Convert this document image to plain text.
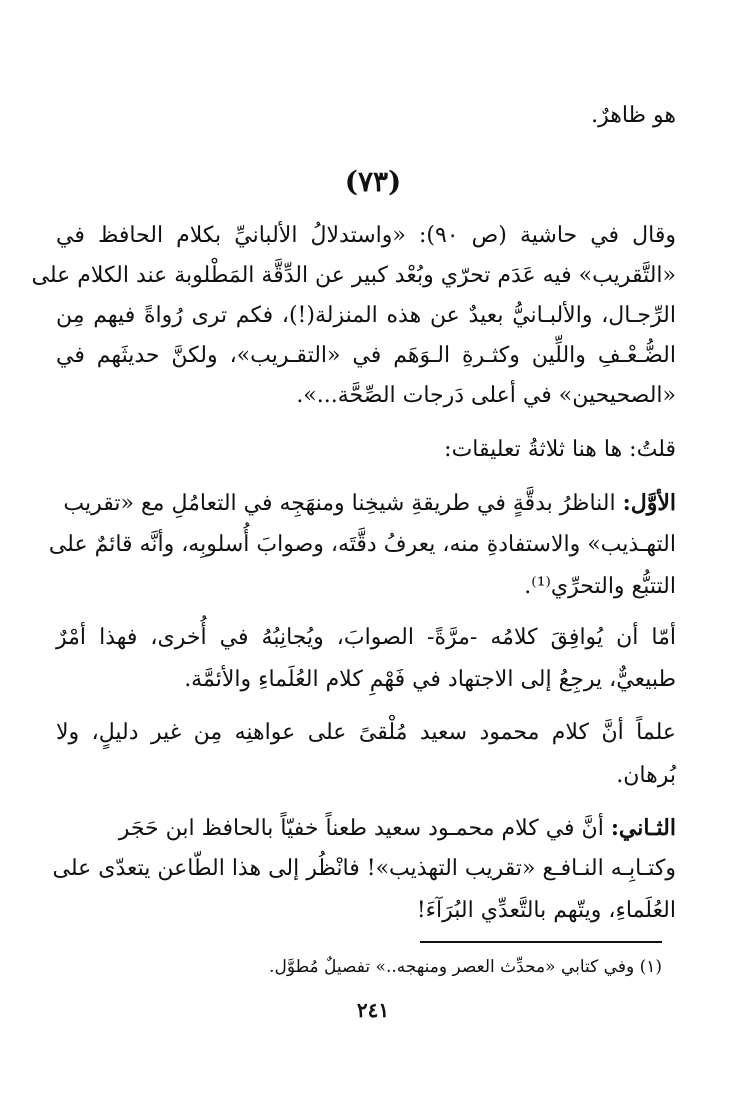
هو ظاهرٌ.
(٧٣)
وقال في حاشية (ص ٩٠): «واستدلالُ الألبانيِّ بكلام الحافظ في
«التَّقريب» فيه عَدَم تحرّي وبُعْد كبير عن الدِّقَّة المَطْلوبة عند الكلام على
الرِّجـال، والألبـانيُّ بعيدٌ عن هذه المنزلة(!)، فكم ترى رُواةً فيهم مِن
الضُّـعْـفِ واللِّين وكثـرةِ الـوَهَم في «التقـريب»، ولكنَّ حديثَهم في
«الصحيحين» في أعلى دَرجات الصِّحَّة...».
قلتُ: ها هنا ثلاثةُ تعليقات:
الأوَّل: الناظرُ بدقَّةٍ في طريقةِ شيخِنا ومنهَجِه في التعامُلِ مع «تقريب
التهـذيب» والاستفادةِ منه، يعرفُ دقَّتَه، وصوابَ أُسلوبِه، وأنَّه قائمٌ على
التتبُّع والتحرِّي⁽¹⁾.
أمّا أن يُوافِقَ كلامُه -مرَّةً- الصوابَ، ويُجانِبُهُ في أُخرى، فهذا أمْرٌ
طبيعيٌّ، يرجِعُ إلى الاجتهاد في فَهْمِ كلام العُلَماءِ والأئمَّة.
علماً أنَّ كلام محمود سعيد مُلْقىً على عواهنِه مِن غير دليلٍ، ولا
بُرهان.
الثـاني: أنَّ في كلام محمـود سعيد طعناً خفيّاً بالحافظ ابن حَجَر
وكتـابِـه النـافـع «تقريب التهذيب»! فانْظُر إلى هذا الطّاعن يتعدّى على
العُلَماءِ، ويتّهم بالتَّعدِّي البُرَآءَ!
(١) وفي كتابي «محدِّث العصر ومنهجه..» تفصيلٌ مُطوَّل.
٢٤١
